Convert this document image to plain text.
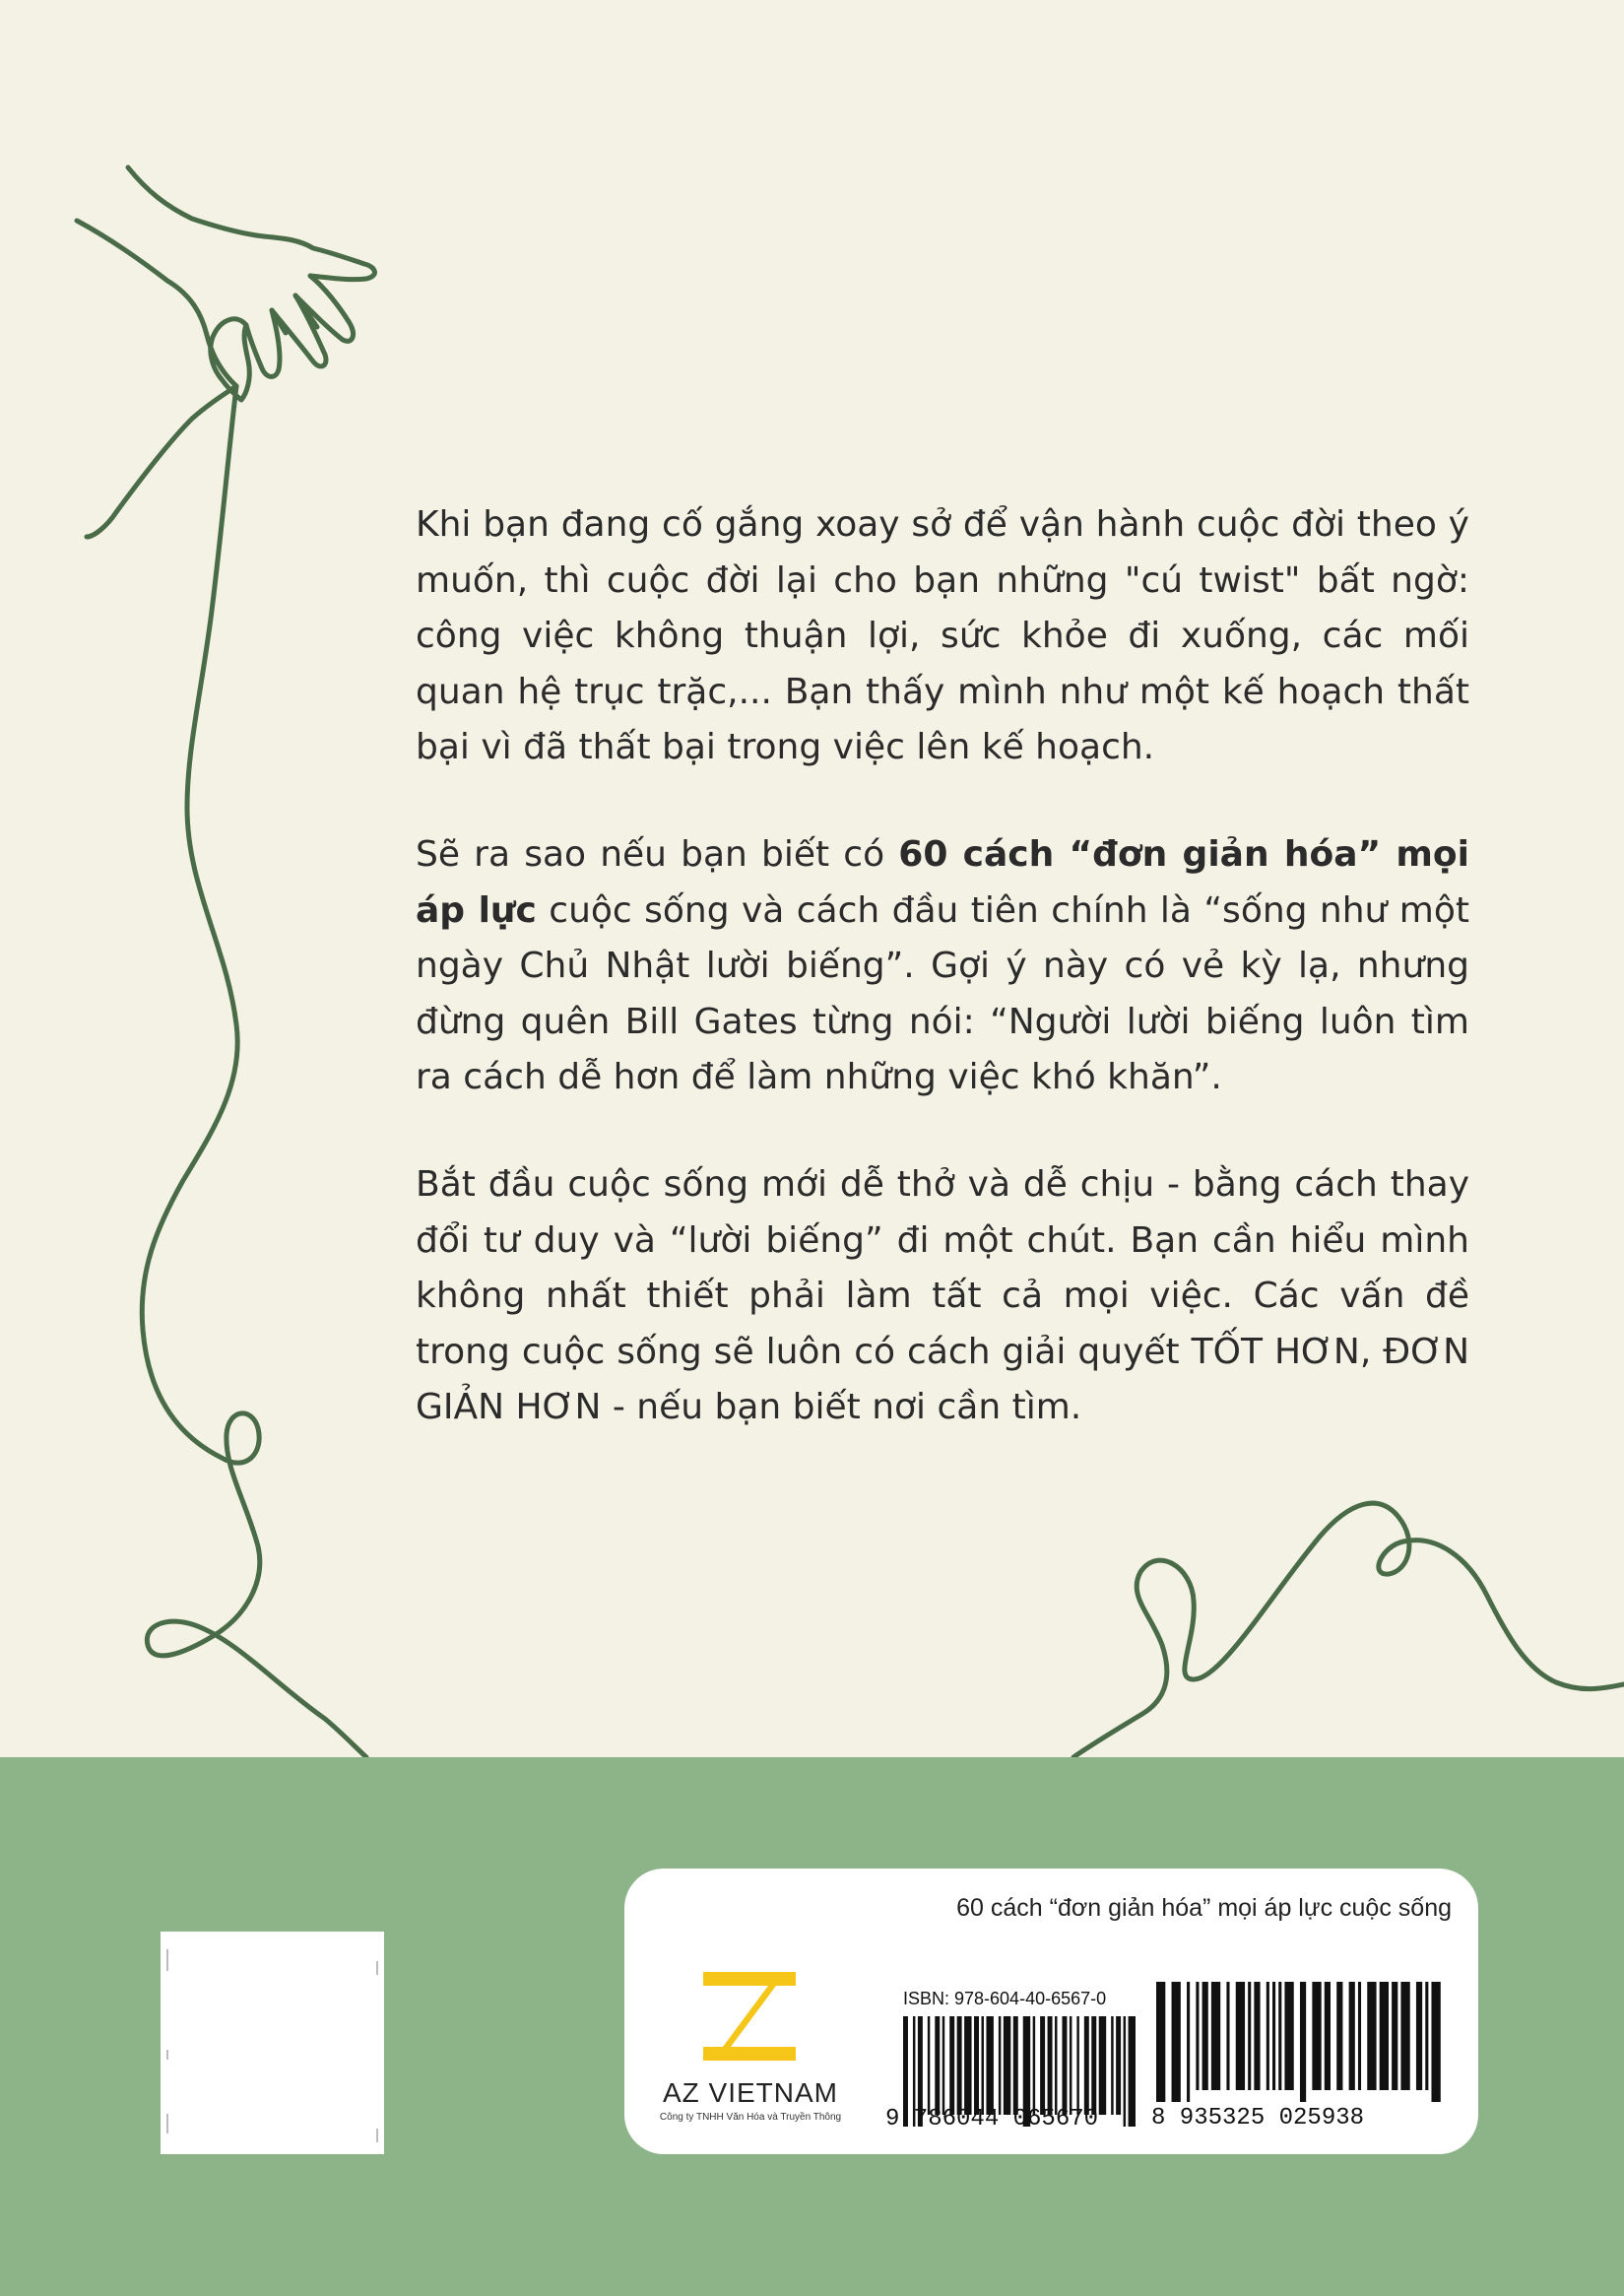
Khi bạn đang cố gắng xoay sở để vận hành cuộc đời theo ý muốn, thì cuộc đời lại cho bạn những "cú twist" bất ngờ: công việc không thuận lợi, sức khỏe đi xuống, các mối quan hệ trục trặc,... Bạn thấy mình như một kế hoạch thất bại vì đã thất bại trong việc lên kế hoạch.
Sẽ ra sao nếu bạn biết có 60 cách “đơn giản hóa” mọi áp lực cuộc sống và cách đầu tiên chính là “sống như một ngày Chủ Nhật lười biếng”. Gợi ý này có vẻ kỳ lạ, nhưng đừng quên Bill Gates từng nói: “Người lười biếng luôn tìm ra cách dễ hơn để làm những việc khó khăn”.
Bắt đầu cuộc sống mới dễ thở và dễ chịu - bằng cách thay đổi tư duy và “lười biếng” đi một chút. Bạn cần hiểu mình không nhất thiết phải làm tất cả mọi việc. Các vấn đề trong cuộc sống sẽ luôn có cách giải quyết TỐT HƠN, ĐƠN GIẢN HƠN - nếu bạn biết nơi cần tìm.
60 cách “đơn giản hóa” mọi áp lực cuộc sống
AZ VIETNAM
Công ty TNHH Văn Hóa và Truyền Thông
ISBN: 978-604-40-6567-0
9 786044 065670 8 935325 025938
